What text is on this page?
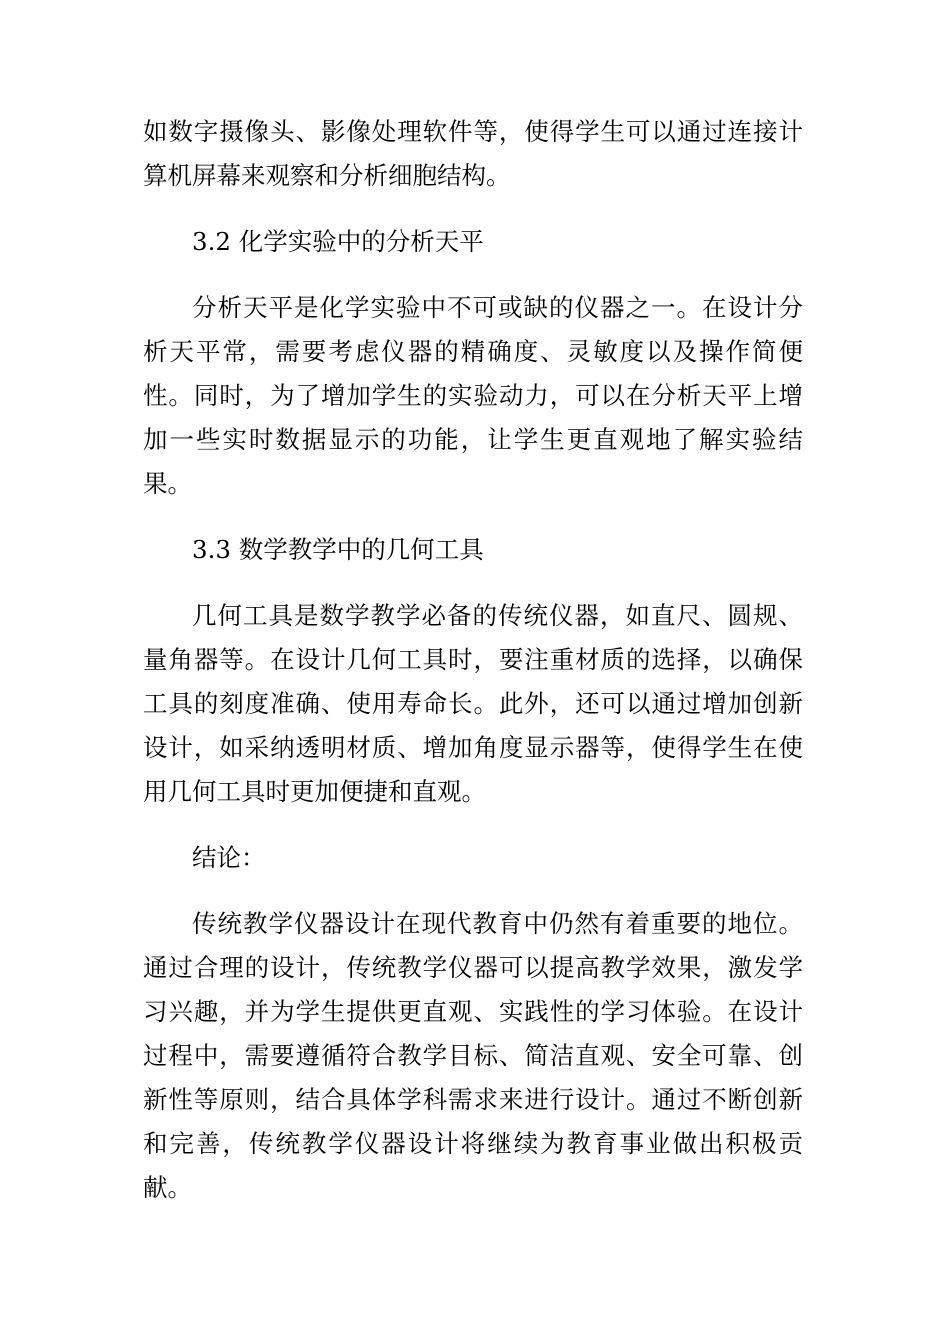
如数字摄像头、影像处理软件等，使得学生可以通过连接计算机屏幕来观察和分析细胞结构。

3.2 化学实验中的分析天平

分析天平是化学实验中不可或缺的仪器之一。在设计分析天平常，需要考虑仪器的精确度、灵敏度以及操作简便性。同时，为了增加学生的实验动力，可以在分析天平上增加一些实时数据显示的功能，让学生更直观地了解实验结果。

3.3 数学教学中的几何工具

几何工具是数学教学必备的传统仪器，如直尺、圆规、量角器等。在设计几何工具时，要注重材质的选择，以确保工具的刻度准确、使用寿命长。此外，还可以通过增加创新设计，如采纳透明材质、增加角度显示器等，使得学生在使用几何工具时更加便捷和直观。

结论：

传统教学仪器设计在现代教育中仍然有着重要的地位。通过合理的设计，传统教学仪器可以提高教学效果，激发学习兴趣，并为学生提供更直观、实践性的学习体验。在设计过程中，需要遵循符合教学目标、简洁直观、安全可靠、创新性等原则，结合具体学科需求来进行设计。通过不断创新和完善，传统教学仪器设计将继续为教育事业做出积极贡献。
